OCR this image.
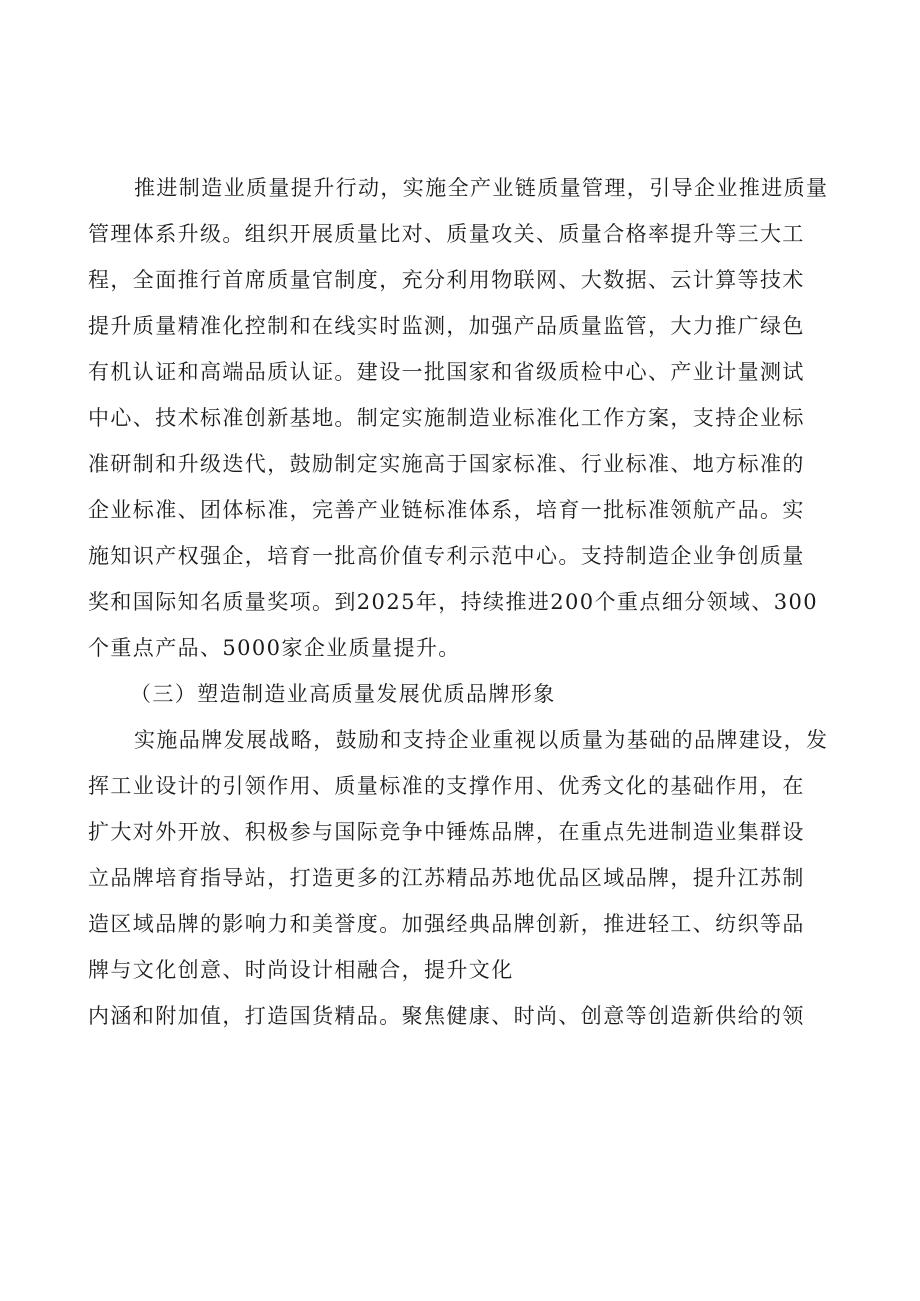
推进制造业质量提升行动，实施全产业链质量管理，引导企业推进质量
管理体系升级。组织开展质量比对、质量攻关、质量合格率提升等三大工
程，全面推行首席质量官制度，充分利用物联网、大数据、云计算等技术
提升质量精准化控制和在线实时监测，加强产品质量监管，大力推广绿色
有机认证和高端品质认证。建设一批国家和省级质检中心、产业计量测试
中心、技术标准创新基地。制定实施制造业标准化工作方案，支持企业标
准研制和升级迭代，鼓励制定实施高于国家标准、行业标准、地方标准的
企业标准、团体标准，完善产业链标准体系，培育一批标准领航产品。实
施知识产权强企，培育一批高价值专利示范中心。支持制造企业争创质量
奖和国际知名质量奖项。到2025年，持续推进200个重点细分领域、300
个重点产品、5000家企业质量提升。
（三）塑造制造业高质量发展优质品牌形象
实施品牌发展战略，鼓励和支持企业重视以质量为基础的品牌建设，发
挥工业设计的引领作用、质量标准的支撑作用、优秀文化的基础作用，在
扩大对外开放、积极参与国际竞争中锤炼品牌，在重点先进制造业集群设
立品牌培育指导站，打造更多的江苏精品苏地优品区域品牌，提升江苏制
造区域品牌的影响力和美誉度。加强经典品牌创新，推进轻工、纺织等品
牌与文化创意、时尚设计相融合，提升文化
内涵和附加值，打造国货精品。聚焦健康、时尚、创意等创造新供给的领
